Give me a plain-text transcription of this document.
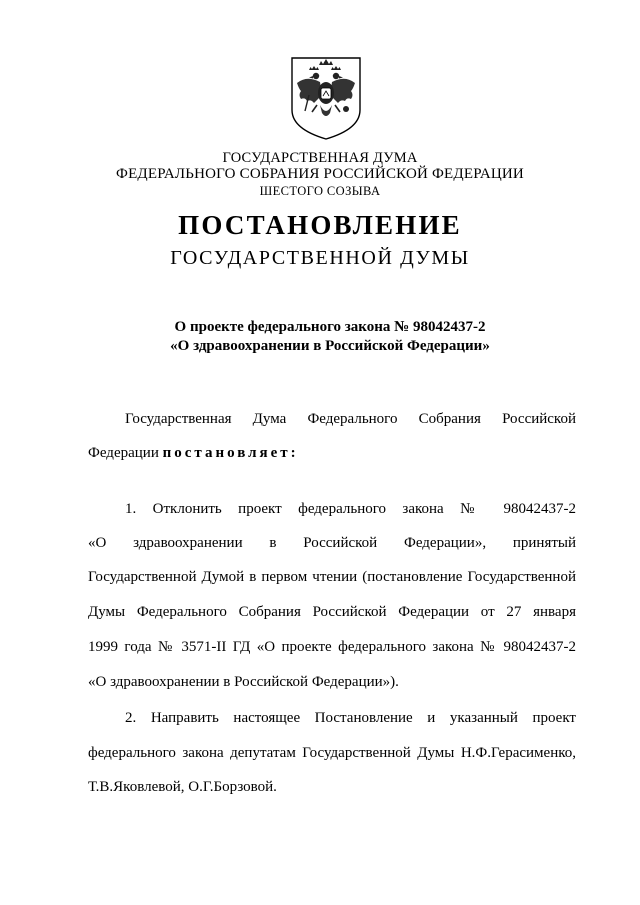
ГОСУДАРСТВЕННАЯ ДУМА
ФЕДЕРАЛЬНОГО СОБРАНИЯ РОССИЙСКОЙ ФЕДЕРАЦИИ
ШЕСТОГО СОЗЫВА
ПОСТАНОВЛЕНИЕ
ГОСУДАРСТВЕННОЙ ДУМЫ
О проекте федерального закона № 98042437-2
«О здравоохранении в Российской Федерации»
Государственная Дума Федерального Собрания Российской
Федерации постановляет:
1. Отклонить проект федерального закона № 98042437-2
«О здравоохранении в Российской Федерации», принятый
Государственной Думой в первом чтении (постановление Государственной
Думы Федерального Собрания Российской Федерации от 27 января
1999 года № 3571-II ГД «О проекте федерального закона № 98042437-2
«О здравоохранении в Российской Федерации»).
2. Направить настоящее Постановление и указанный проект
федерального закона депутатам Государственной Думы Н.Ф.Герасименко,
Т.В.Яковлевой, О.Г.Борзовой.
